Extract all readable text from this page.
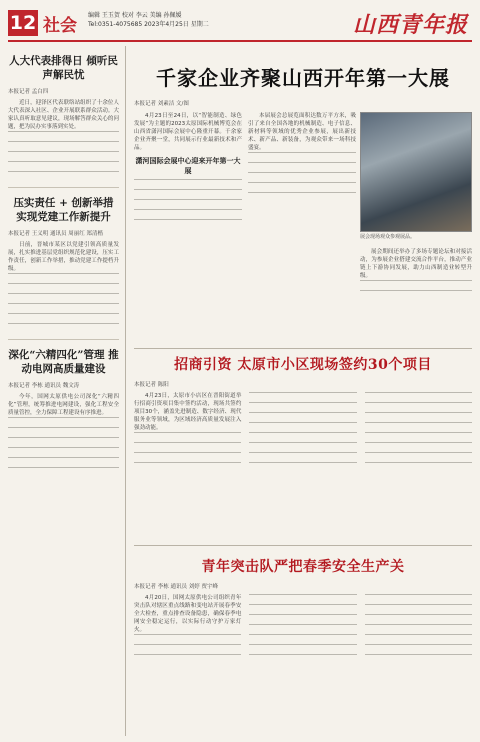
12 社会
编辑 王玉贺 校对 李云 美编 孙佩媛
Tel:0351-4075685 2023年4月25日 星期二	山西青年报
人大代表排得日 倾听民声解民忧
本报记者 孟白四

近日，迎泽区代表联络站组织了十余位人大代表深入社区、企业开展联系群众活动。大家认真听取意见建议，现场解答群众关心的问题，把为民办实事落到实处。

压实责任 + 创新举措 实现党建工作新提升
本报记者 王义明 通讯员 周丽红 郑清楷

日前，晋城市某区以党建引领高质量发展，扎实推进基层党组织规范化建设，压实工作责任，创新工作举措，推动党建工作提档升级。

深化“六精四化”管理 推动电网高质量建设
本报记者 李栋 通讯员 魏文涛

今年，国网太原供电公司深化“六精四化”管理，统筹推进电网建设，强化工程安全质量管控，全力保障工程建设有序推进。

千家企业齐聚山西开年第一大展
本报记者 刘素洁 文/图

4月23日至24日，以“智能制造、绿色发展”为主题的2023太原国际机械博览会在山西省潇河国际会展中心隆重开幕。千余家企业齐聚一堂，共同展示行业最新技术和产品。

潇河国际会展中心迎来开年第一大展

本届展会总展览面积达数万平方米，吸引了来自全国各地的机械制造、电子信息、新材料等领域的优秀企业参展，展出新技术、新产品、新装备，为观众带来一场科技盛宴。

展会现场观众参观展品。

展会期间还举办了多场专题论坛和对接活动，为参展企业搭建交流合作平台，推动产业链上下游协同发展，助力山西制造业转型升级。

招商引资 太原市小区现场签约30个项目
本报记者 陈阳

4月23日，太原市小店区在晋阳街道举行招商引资项目集中签约活动，现场共签约项目30个，涵盖先进制造、数字经济、现代服务业等领域，为区域经济高质量发展注入强劲动能。

青年突击队严把春季安全生产关
本报记者 李栋 通讯员 刘婷 贾宇峰

4月20日，国网太原供电公司组织青年突击队对辖区重点线路和变电站开展春季安全大检查，重点排查设备隐患，确保春季电网安全稳定运行，以实际行动守护万家灯火。
